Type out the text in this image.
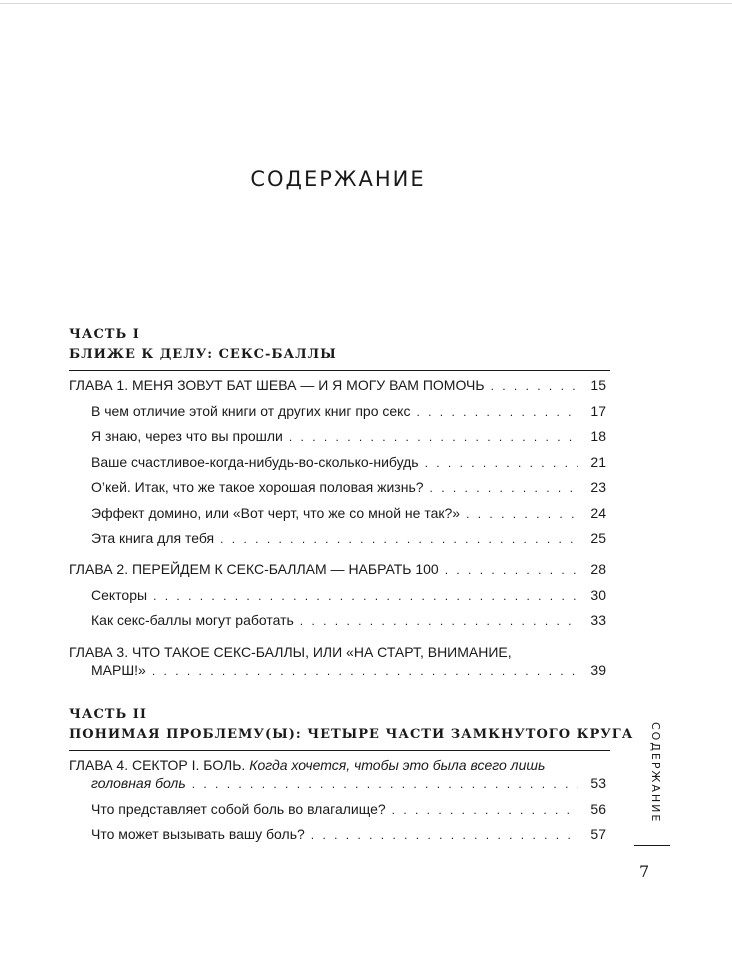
СОДЕРЖАНИЕ
ЧАСТЬ I
БЛИЖЕ К ДЕЛУ: СЕКС-БАЛЛЫ
ГЛАВА 1. МЕНЯ ЗОВУТ БАТ ШЕВА — И Я МОГУ ВАМ ПОМОЧЬ . . .	15
В чем отличие этой книги от других книг про секс . . .	17
Я знаю, через что вы прошли . . .	18
Ваше счастливое-когда-нибудь-во-сколько-нибудь . . .	21
О’кей. Итак, что же такое хорошая половая жизнь? . . .	23
Эффект домино, или «Вот черт, что же со мной не так?» . . .	24
Эта книга для тебя . . .	25
ГЛАВА 2. ПЕРЕЙДЕМ К СЕКС-БАЛЛАМ — НАБРАТЬ 100 . . .	28
Секторы . . .	30
Как секс-баллы могут работать . . .	33
ГЛАВА 3. ЧТО ТАКОЕ СЕКС-БАЛЛЫ, ИЛИ «НА СТАРТ, ВНИМАНИЕ,
МАРШ!» . . .	39
ЧАСТЬ II
ПОНИМАЯ ПРОБЛЕМУ(Ы): ЧЕТЫРЕ ЧАСТИ ЗАМКНУТОГО КРУГА
ГЛАВА 4. СЕКТОР I. БОЛЬ. Когда хочется, чтобы это была всего лишь
головная боль . . .	53
Что представляет собой боль во влагалище? . . .	56
Что может вызывать вашу боль? . . .	57
СОДЕРЖАНИЕ
7
